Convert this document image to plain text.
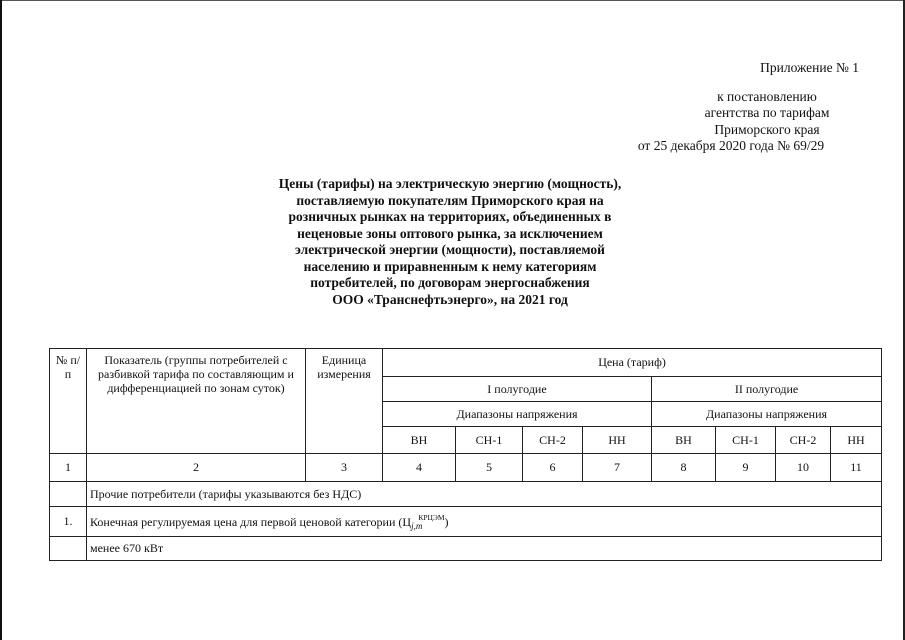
Приложение № 1
к постановлению
агентства по тарифам
Приморского края
от 25 декабря 2020 года № 69/29
Цены (тарифы) на электрическую энергию (мощность),
поставляемую покупателям Приморского края на
розничных рынках на территориях, объединенных в
неценовые зоны оптового рынка, за исключением
электрической энергии (мощности), поставляемой
населению и приравненным к нему категориям
потребителей, по договорам энергоснабжения
ООО «Транснефтьэнерго», на 2021 год
№ п/п	Показатель (группы потребителей с разбивкой тарифа по составляющим и дифференциацией по зонам суток)	Единица измерения	Цена (тариф)							
			I полугодие				II полугодие			
			Диапазоны напряжения				Диапазоны напряжения			
			ВН	СН-1	СН-2	НН	ВН	СН-1	СН-2	НН
1	2	3	4	5	6	7	8	9	10	11
	Прочие потребители (тарифы указываются без НДС)									
1.	Конечная регулируемая цена для первой ценовой категории $(Ц_{j,m}^{КРЦЭМ})$									
	менее 670 кВт									
